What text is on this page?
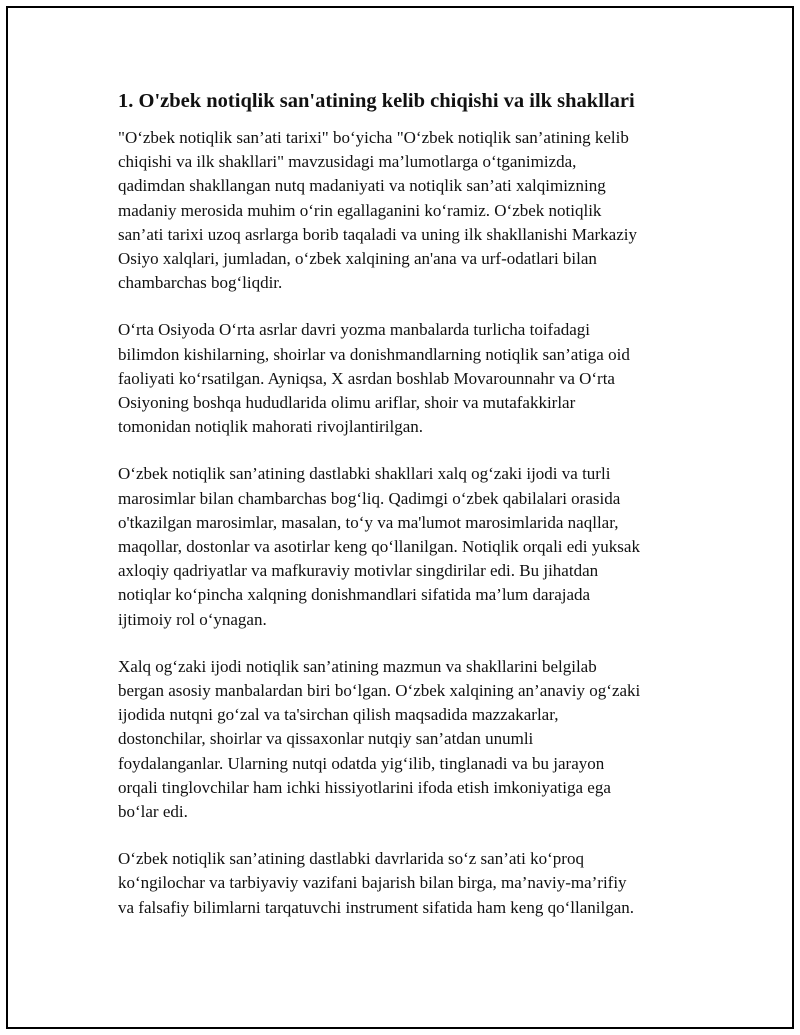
1. O'zbek notiqlik san'atining kelib chiqishi va ilk shakllari

"O‘zbek notiqlik san’ati tarixi" bo‘yicha "O‘zbek notiqlik san’atining kelib
chiqishi va ilk shakllari" mavzusidagi ma’lumotlarga o‘tganimizda,
qadimdan shakllangan nutq madaniyati va notiqlik san’ati xalqimizning
madaniy merosida muhim o‘rin egallaganini ko‘ramiz. O‘zbek notiqlik
san’ati tarixi uzoq asrlarga borib taqaladi va uning ilk shakllanishi Markaziy
Osiyo xalqlari, jumladan, o‘zbek xalqining an'ana va urf-odatlari bilan
chambarchas bog‘liqdir.

O‘rta Osiyoda O‘rta asrlar davri yozma manbalarda turlicha toifadagi
bilimdon kishilarning, shoirlar va donishmandlarning notiqlik san’atiga oid
faoliyati ko‘rsatilgan. Ayniqsa, X asrdan boshlab Movarounnahr va O‘rta
Osiyoning boshqa hududlarida olimu ariflar, shoir va mutafakkirlar
tomonidan notiqlik mahorati rivojlantirilgan.

O‘zbek notiqlik san’atining dastlabki shakllari xalq og‘zaki ijodi va turli
marosimlar bilan chambarchas bog‘liq. Qadimgi o‘zbek qabilalari orasida
o'tkazilgan marosimlar, masalan, to‘y va ma'lumot marosimlarida naqllar,
maqollar, dostonlar va asotirlar keng qo‘llanilgan. Notiqlik orqali edi yuksak
axloqiy qadriyatlar va mafkuraviy motivlar singdirilar edi. Bu jihatdan
notiqlar ko‘pincha xalqning donishmandlari sifatida ma’lum darajada
ijtimoiy rol o‘ynagan.

Xalq og‘zaki ijodi notiqlik san’atining mazmun va shakllarini belgilab
bergan asosiy manbalardan biri bo‘lgan. O‘zbek xalqining an’anaviy og‘zaki
ijodida nutqni go‘zal va ta'sirchan qilish maqsadida mazzakarlar,
dostonchilar, shoirlar va qissaxonlar nutqiy san’atdan unumli
foydalanganlar. Ularning nutqi odatda yig‘ilib, tinglanadi va bu jarayon
orqali tinglovchilar ham ichki hissiyotlarini ifoda etish imkoniyatiga ega
bo‘lar edi.

O‘zbek notiqlik san’atining dastlabki davrlarida so‘z san’ati ko‘proq
ko‘ngilochar va tarbiyaviy vazifani bajarish bilan birga, ma’naviy-ma’rifiy
va falsafiy bilimlarni tarqatuvchi instrument sifatida ham keng qo‘llanilgan.
